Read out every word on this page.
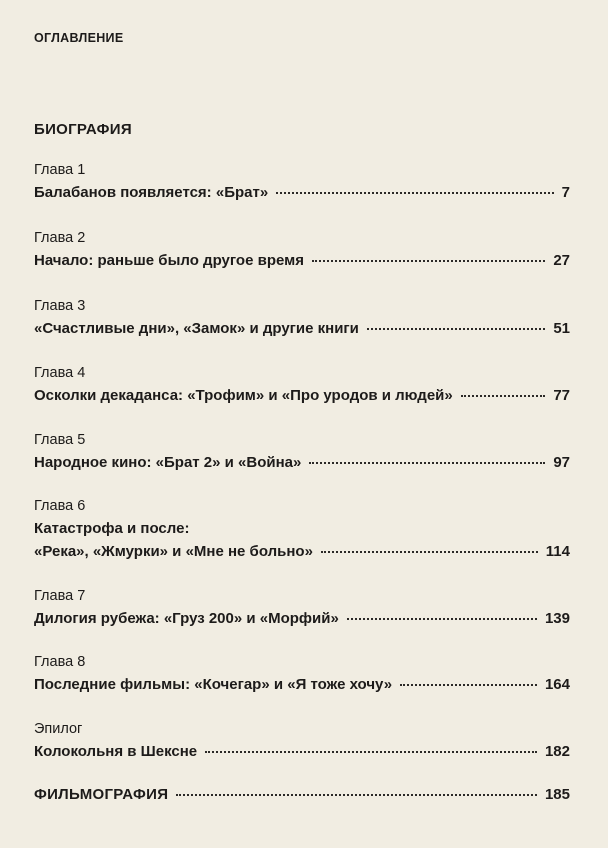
ОГЛАВЛЕНИЕ
БИОГРАФИЯ
Глава 1
Балабанов появляется: «Брат»	7
Глава 2
Начало: раньше было другое время	27
Глава 3
«Счастливые дни», «Замок» и другие книги	51
Глава 4
Осколки декаданса: «Трофим» и «Про уродов и людей»	77
Глава 5
Народное кино: «Брат 2» и «Война»	97
Глава 6
Катастрофа и после:
«Река», «Жмурки» и «Мне не больно»	114
Глава 7
Дилогия рубежа: «Груз 200» и «Морфий»	139
Глава 8
Последние фильмы: «Кочегар» и «Я тоже хочу»	164
Эпилог
Колокольня в Шексне	182
ФИЛЬМОГРАФИЯ	185
